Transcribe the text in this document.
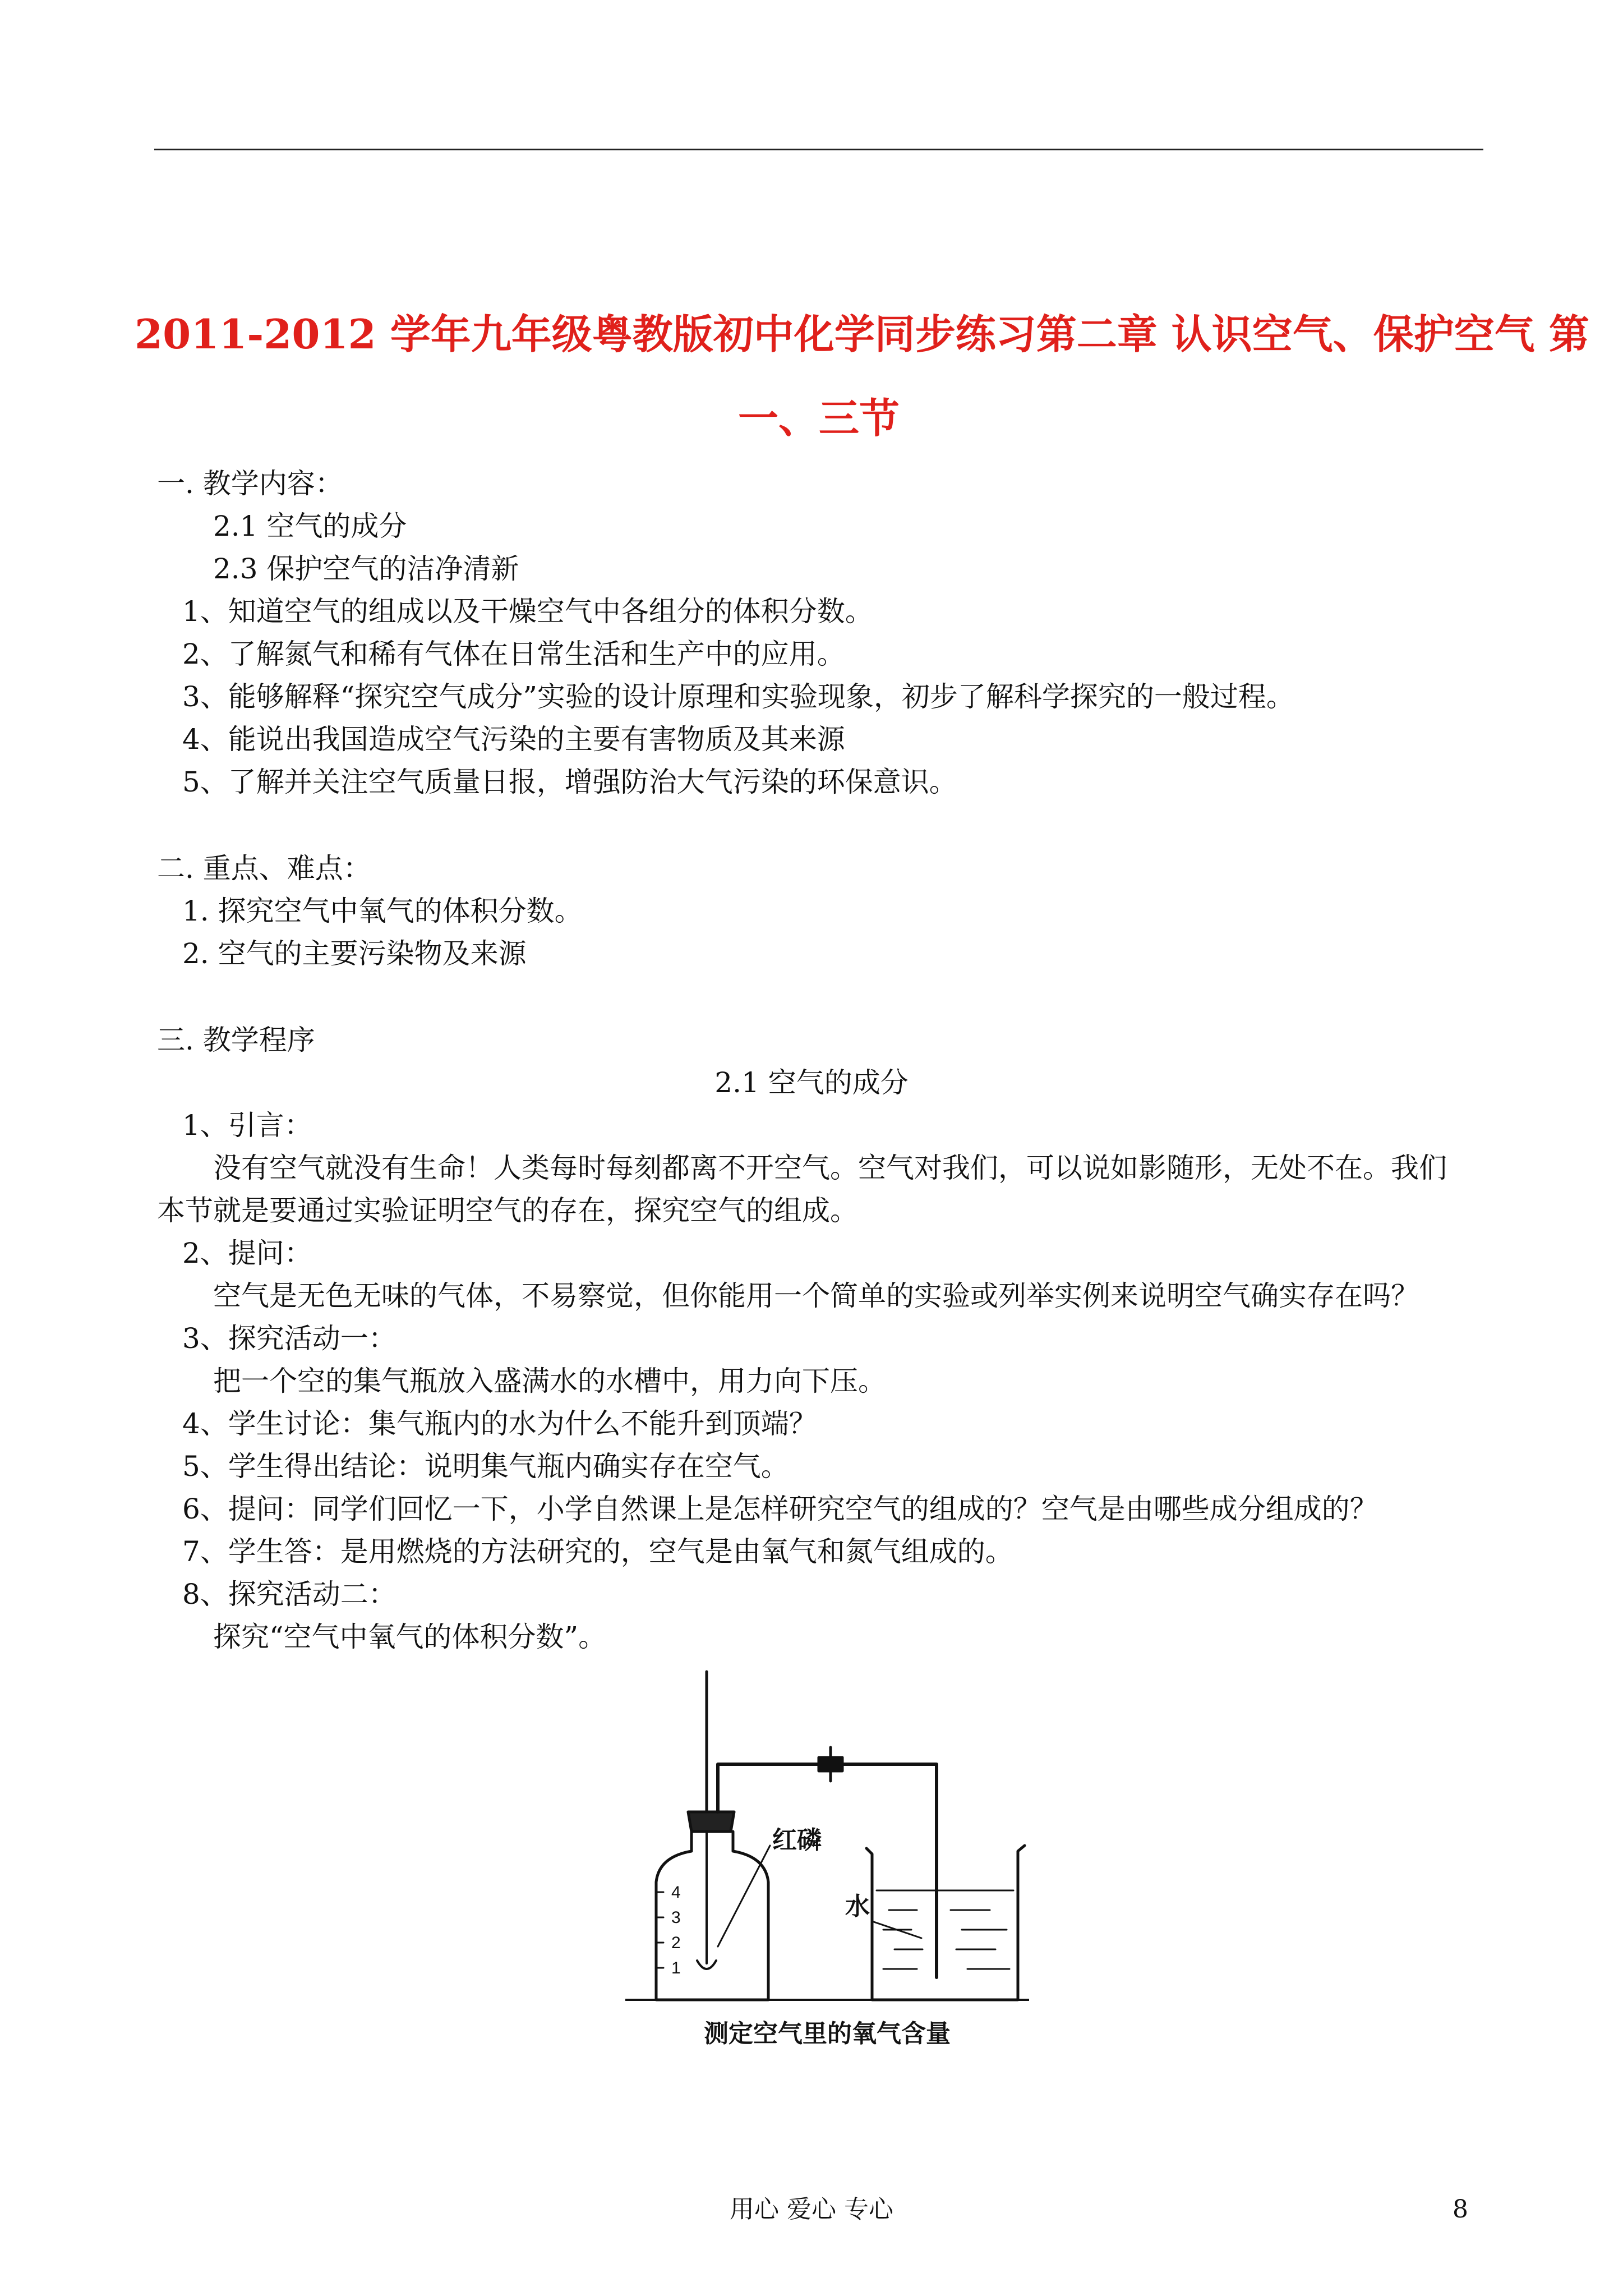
2011-2012 学年九年级粤教版初中化学同步练习第二章 认识空气、保护空气 第
一、三节
一. 教学内容：
2.1 空气的成分
2.3 保护空气的洁净清新
1、知道空气的组成以及干燥空气中各组分的体积分数。
2、了解氮气和稀有气体在日常生活和生产中的应用。
3、能够解释“探究空气成分”实验的设计原理和实验现象，初步了解科学探究的一般过程。
4、能说出我国造成空气污染的主要有害物质及其来源
5、了解并关注空气质量日报，增强防治大气污染的环保意识。
二. 重点、难点：
1. 探究空气中氧气的体积分数。
2. 空气的主要污染物及来源
三. 教学程序
2.1 空气的成分
1、引言：
没有空气就没有生命！人类每时每刻都离不开空气。空气对我们，可以说如影随形，无处不在。我们
本节就是要通过实验证明空气的存在，探究空气的组成。
2、提问：
空气是无色无味的气体，不易察觉，但你能用一个简单的实验或列举实例来说明空气确实存在吗？
3、探究活动一：
把一个空的集气瓶放入盛满水的水槽中，用力向下压。
4、学生讨论：集气瓶内的水为什么不能升到顶端？
5、学生得出结论：说明集气瓶内确实存在空气。
6、提问：同学们回忆一下，小学自然课上是怎样研究空气的组成的？空气是由哪些成分组成的？
7、学生答：是用燃烧的方法研究的，空气是由氧气和氮气组成的。
8、探究活动二：
探究“空气中氧气的体积分数”。
4
3
2
1
红磷
水
测定空气里的氧气含量
用心 爱心 专心	8
